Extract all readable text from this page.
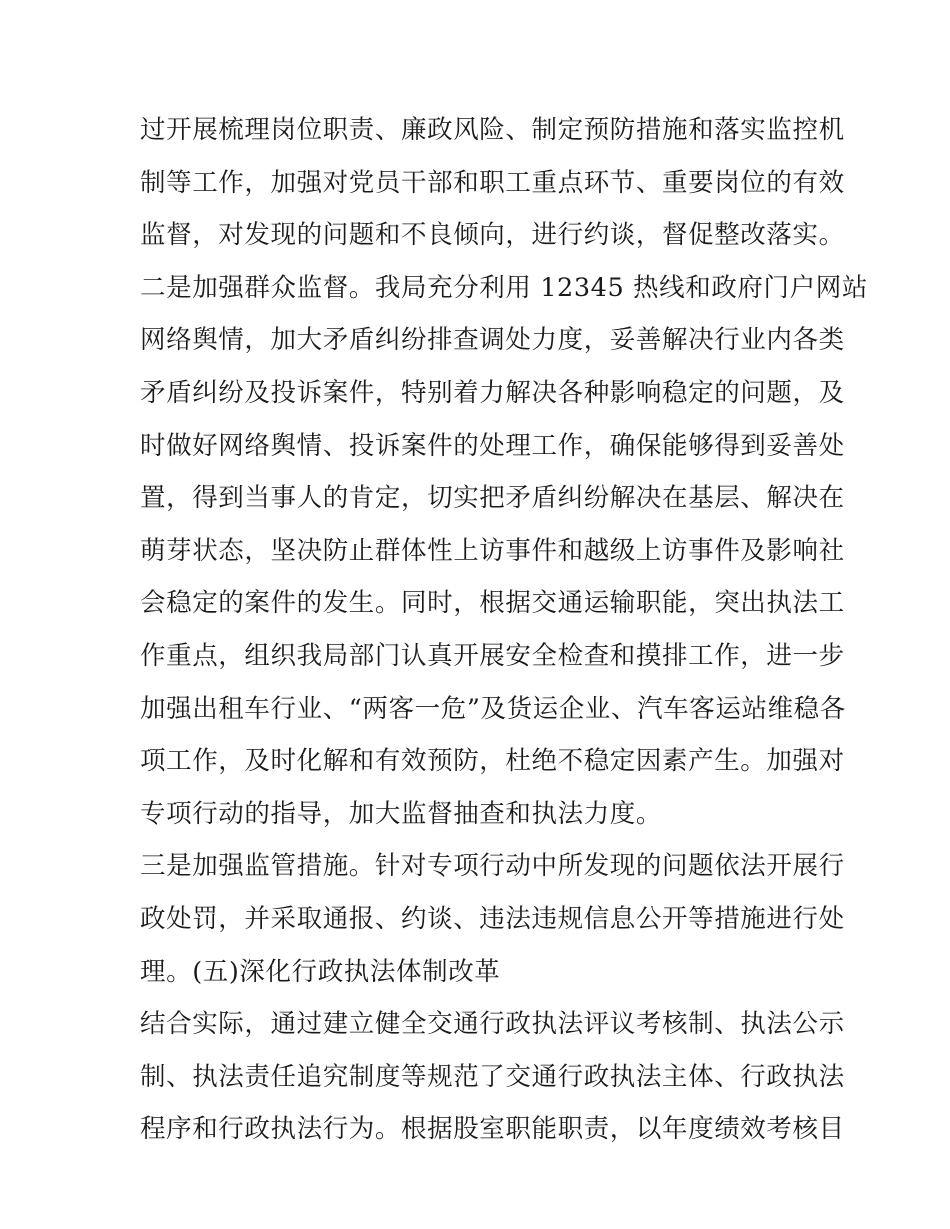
过开展梳理岗位职责、廉政风险、制定预防措施和落实监控机
制等工作，加强对党员干部和职工重点环节、重要岗位的有效
监督，对发现的问题和不良倾向，进行约谈，督促整改落实。
二是加强群众监督。我局充分利用 12345 热线和政府门户网站
网络舆情，加大矛盾纠纷排查调处力度，妥善解决行业内各类
矛盾纠纷及投诉案件，特别着力解决各种影响稳定的问题，及
时做好网络舆情、投诉案件的处理工作，确保能够得到妥善处
置，得到当事人的肯定，切实把矛盾纠纷解决在基层、解决在
萌芽状态，坚决防止群体性上访事件和越级上访事件及影响社
会稳定的案件的发生。同时，根据交通运输职能，突出执法工
作重点，组织我局部门认真开展安全检查和摸排工作，进一步
加强出租车行业、“两客一危”及货运企业、汽车客运站维稳各
项工作，及时化解和有效预防，杜绝不稳定因素产生。加强对
专项行动的指导，加大监督抽查和执法力度。
三是加强监管措施。针对专项行动中所发现的问题依法开展行
政处罚，并采取通报、约谈、违法违规信息公开等措施进行处
理。(五)深化行政执法体制改革
结合实际，通过建立健全交通行政执法评议考核制、执法公示
制、执法责任追究制度等规范了交通行政执法主体、行政执法
程序和行政执法行为。根据股室职能职责，以年度绩效考核目
